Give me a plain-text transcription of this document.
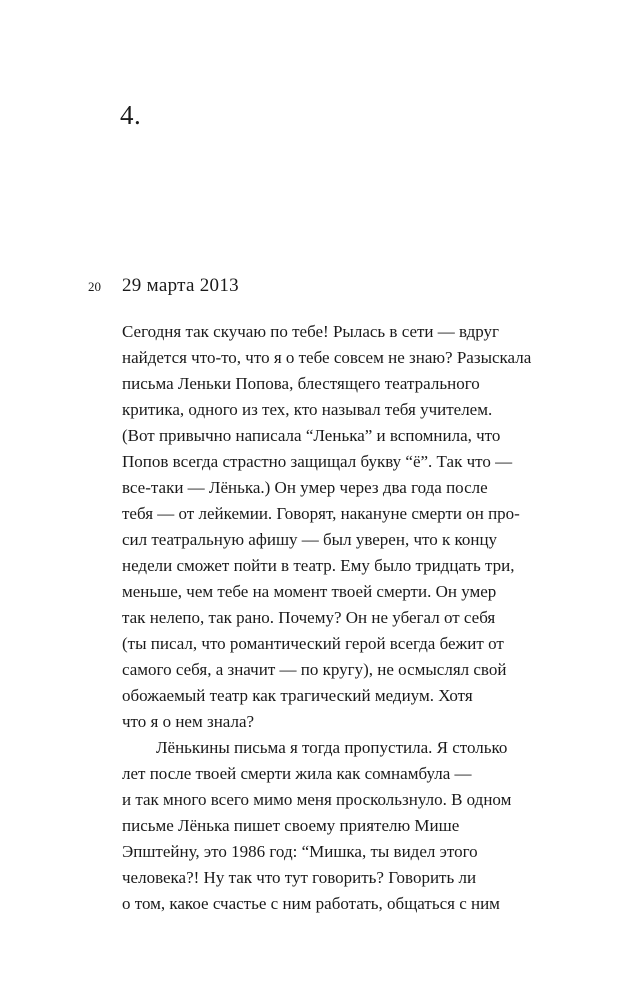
4.
20 29 марта 2013
Сегодня так скучаю по тебе! Рылась в сети — вдруг
найдется что-то, что я о тебе совсем не знаю? Разыскала
письма Леньки Попова, блестящего театрального
критика, одного из тех, кто называл тебя учителем.
(Вот привычно написала “Ленька” и вспомнила, что
Попов всегда страстно защищал букву “ё”. Так что —
все-таки — Лёнька.) Он умер через два года после
тебя — от лейкемии. Говорят, накануне смерти он про-
сил театральную афишу — был уверен, что к концу
недели сможет пойти в театр. Ему было тридцать три,
меньше, чем тебе на момент твоей смерти. Он умер
так нелепо, так рано. Почему? Он не убегал от себя
(ты писал, что романтический герой всегда бежит от
самого себя, а значит — по кругу), не осмыслял свой
обожаемый театр как трагический медиум. Хотя
что я о нем знала?
Лёнькины письма я тогда пропустила. Я столько
лет после твоей смерти жила как сомнамбула —
и так много всего мимо меня проскользнуло. В одном
письме Лёнька пишет своему приятелю Мише
Эпштейну, это 1986 год: “Мишка, ты видел этого
человека?! Ну так что тут говорить? Говорить ли
о том, какое счастье с ним работать, общаться с ним
